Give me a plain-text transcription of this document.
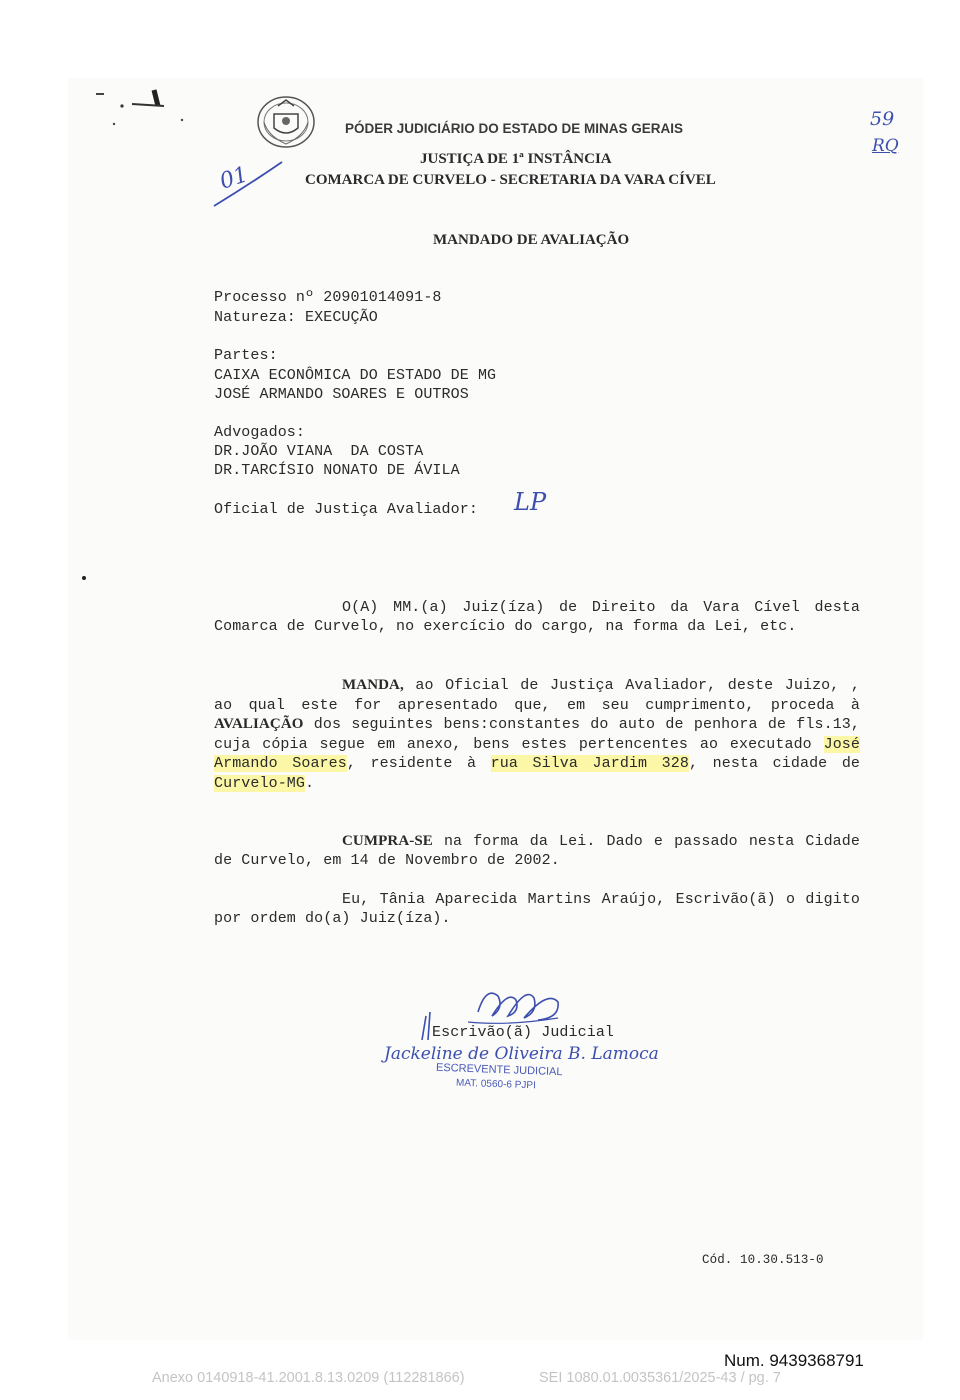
PÓDER JUDICIÁRIO DO ESTADO DE MINAS GERAIS
JUSTIÇA DE 1ª INSTÂNCIA
COMARCA DE CURVELO - SECRETARIA DA VARA CÍVEL
01
59
RQ
MANDADO DE AVALIAÇÃO
Processo nº 20901014091-8
Natureza: EXECUÇÃO
Partes:
CAIXA ECONÔMICA DO ESTADO DE MG
JOSÉ ARMANDO SOARES E OUTROS
Advogados:
DR.JOÃO VIANA  DA COSTA
DR.TARCÍSIO NONATO DE ÁVILA
Oficial de Justiça Avaliador: LP
O(A) MM.(a) Juiz(íza) de Direito da Vara Cível desta Comarca de Curvelo, no exercício do cargo, na forma da Lei, etc.
MANDA, ao Oficial de Justiça Avaliador, deste Juizo, , ao qual este for apresentado que, em seu cumprimento, proceda à AVALIAÇÃO dos seguintes bens:constantes do auto de penhora de fls.13, cuja cópia segue em anexo, bens estes pertencentes ao executado José Armando Soares, residente à rua Silva Jardim 328, nesta cidade de Curvelo-MG.
CUMPRA-SE na forma da Lei. Dado e passado nesta Cidade de Curvelo, em 14 de Novembro de 2002.
Eu, Tânia Aparecida Martins Araújo, Escrivão(ã) o digito por ordem do(a) Juiz(íza).
Escrivão(ã) Judicial
Jackeline de Oliveira B. Lamoca
ESCREVENTE JUDICIAL
MAT. 0560-6 PJPI
Cód. 10.30.513-0
Num. 9439368791
Anexo 0140918-41.2001.8.13.0209 (112281866)	SEI 1080.01.0035361/2025-43 / pg. 7
